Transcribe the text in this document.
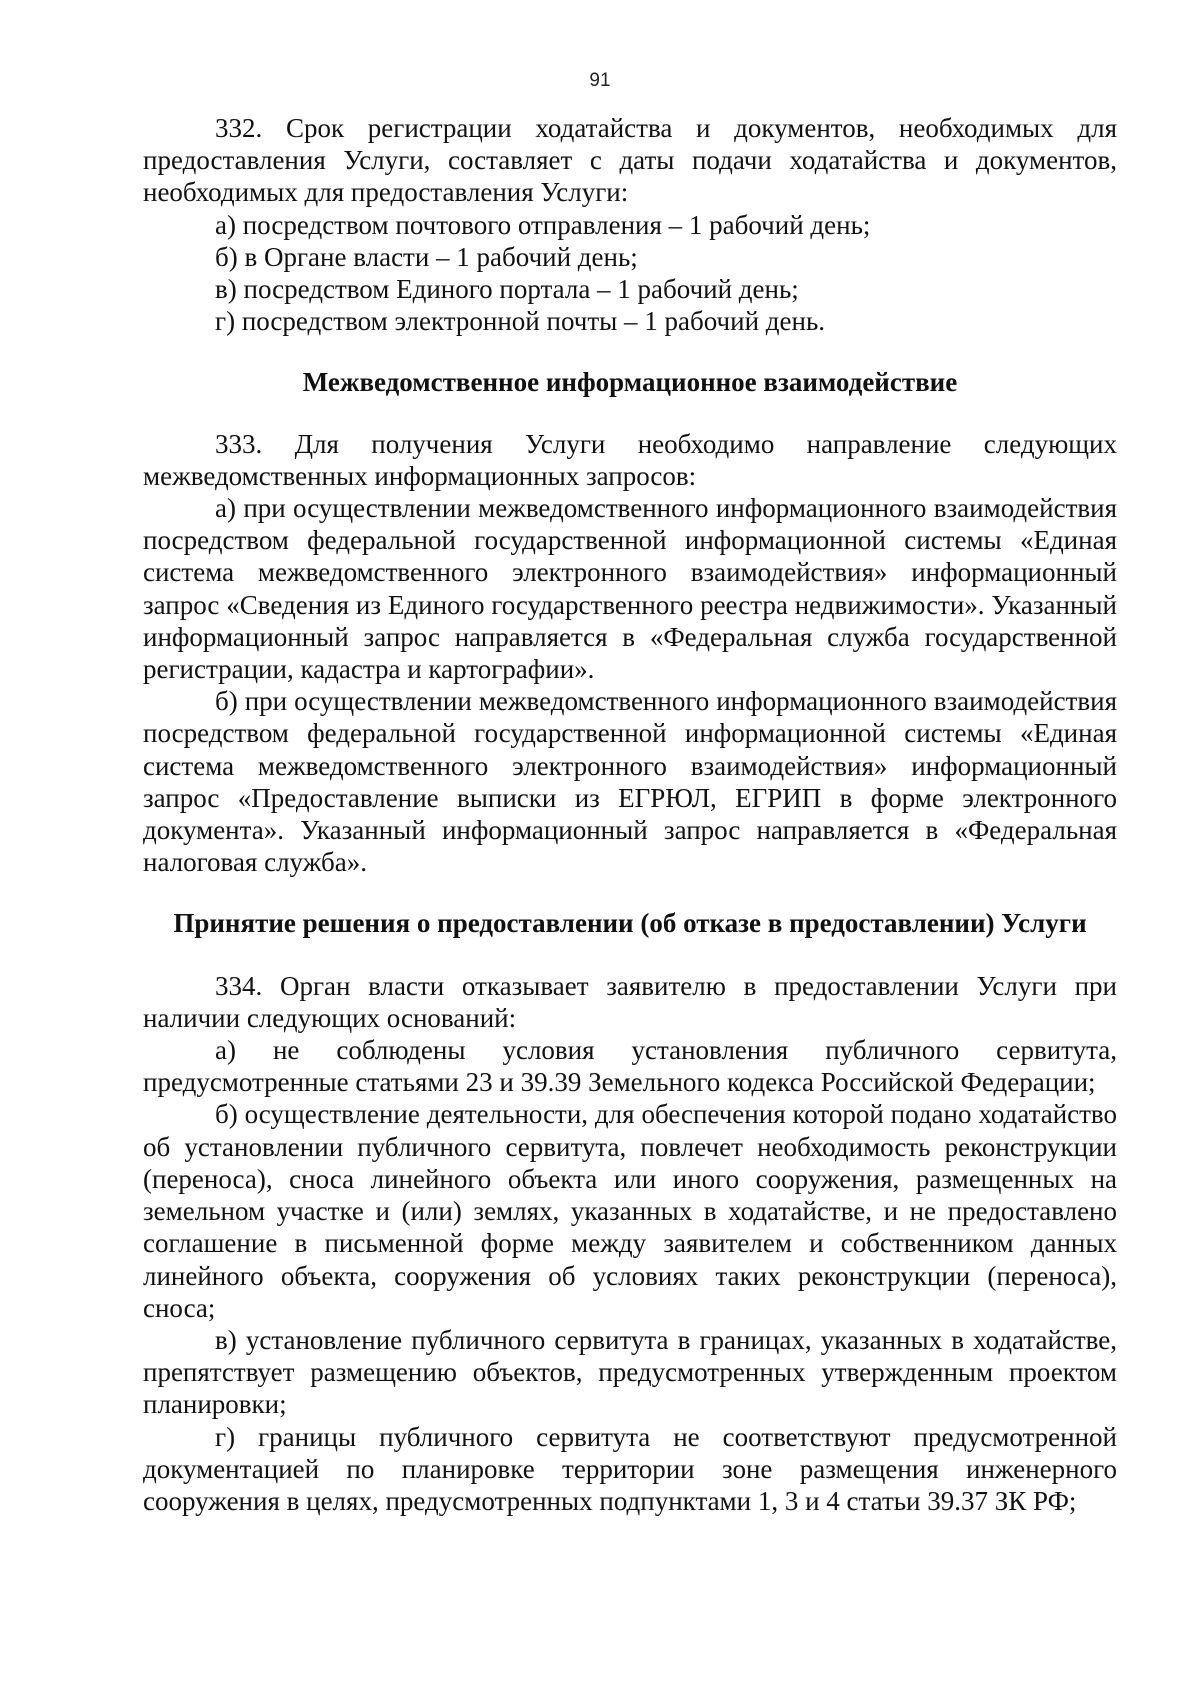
91

332. Срок регистрации ходатайства и документов, необходимых для предоставления Услуги, составляет с даты подачи ходатайства и документов, необходимых для предоставления Услуги:

а) посредством почтового отправления – 1 рабочий день;

б) в Органе власти – 1 рабочий день;

в) посредством Единого портала – 1 рабочий день;

г) посредством электронной почты – 1 рабочий день.

Межведомственное информационное взаимодействие

333. Для получения Услуги необходимо направление следующих межведомственных информационных запросов:

а) при осуществлении межведомственного информационного взаимодействия посредством федеральной государственной информационной системы «Единая система межведомственного электронного взаимодействия» информационный запрос «Сведения из Единого государственного реестра недвижимости». Указанный информационный запрос направляется в «Федеральная служба государственной регистрации, кадастра и картографии».

б) при осуществлении межведомственного информационного взаимодействия посредством федеральной государственной информационной системы «Единая система межведомственного электронного взаимодействия» информационный запрос «Предоставление выписки из ЕГРЮЛ, ЕГРИП в форме электронного документа». Указанный информационный запрос направляется в «Федеральная налоговая служба».

Принятие решения о предоставлении (об отказе в предоставлении) Услуги

334. Орган власти отказывает заявителю в предоставлении Услуги при наличии следующих оснований:

а) не соблюдены условия установления публичного сервитута, предусмотренные статьями 23 и 39.39 Земельного кодекса Российской Федерации;

б) осуществление деятельности, для обеспечения которой подано ходатайство об установлении публичного сервитута, повлечет необходимость реконструкции (переноса), сноса линейного объекта или иного сооружения, размещенных на земельном участке и (или) землях, указанных в ходатайстве, и не предоставлено соглашение в письменной форме между заявителем и собственником данных линейного объекта, сооружения об условиях таких реконструкции (переноса), сноса;

в) установление публичного сервитута в границах, указанных в ходатайстве, препятствует размещению объектов, предусмотренных утвержденным проектом планировки;

г) границы публичного сервитута не соответствуют предусмотренной документацией по планировке территории зоне размещения инженерного сооружения в целях, предусмотренных подпунктами 1, 3 и 4 статьи 39.37 ЗК РФ;
